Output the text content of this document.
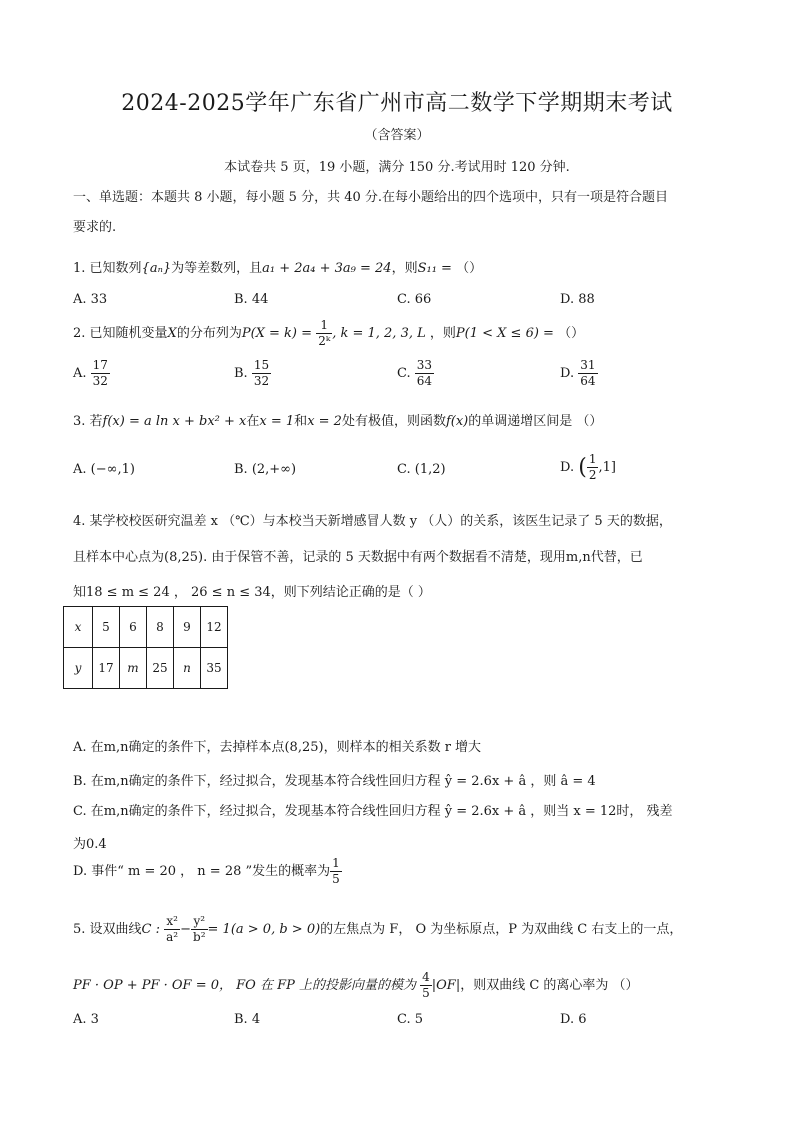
2024-2025学年广东省广州市高二数学下学期期末考试
（含答案）
本试卷共 5 页，19 小题，满分 150 分.考试用时 120 分钟.
一、单选题：本题共 8 小题，每小题 5 分，共 40 分.在每小题给出的四个选项中，只有一项是符合题目
要求的.
1. 已知数列{aₙ}为等差数列，且a₁ + 2a₄ + 3a₉ = 24，则S₁₁ = （）
A. 33	B. 44	C. 66	D. 88
2. 已知随机变量X的分布列为$P(X = k) = \frac{1}{\text{2ᵏ}}$ , k = 1, 2, 3, L ，则P(1 < X ≤ 6) = （）
A. $\frac{17}{32}$	B. $\frac{15}{32}$	C. $\frac{33}{64}$	D. $\frac{31}{64}$
3. 若f(x) = a ln x + bx² + x在x = 1和x = 2处有极值，则函数f(x)的单调递增区间是 （）
A. (−∞,1)	B. (2,+∞)	C. (1,2)	D. ( $\frac{1}{2} ,1$]
4. 某学校校医研究温差 x （℃）与本校当天新增感冒人数 y （人）的关系，该医生记录了 5 天的数据，
且样本中心点为(8,25). 由于保管不善，记录的 5 天数据中有两个数据看不清楚，现用m,n代替，已
知18 ≤ m ≤ 24 ， 26 ≤ n ≤ 34，则下列结论正确的是（ ）
x	5	6	8	9	12
y	17	m	25	n	35
A. 在m,n确定的条件下，去掉样本点(8,25)，则样本的相关系数 r 增大
B. 在m,n确定的条件下，经过拟合，发现基本符合线性回归方程 ŷ = 2.6x + â ，则 â = 4
C. 在m,n确定的条件下，经过拟合，发现基本符合线性回归方程 ŷ = 2.6x + â ，则当 x = 12时， 残差
为0.4
D. 事件“ m = 20 ， n = 28 ”发生的概率为 $\frac{1}{5}$
5. 设双曲线C : $\frac{\text{x²}}{\text{a²}} - \frac{\text{y²}}{\text{b²}} = 1(a > 0$, b > 0)的左焦点为 F， O 为坐标原点，P 为双曲线 C 右支上的一点，
PF · OP + PF · OF = 0， FO 在 FP 上的投影向量的模为 $\frac{4}{5} |OF|$，则双曲线 C 的离心率为 （）
A. 3	B. 4	C. 5	D. 6
